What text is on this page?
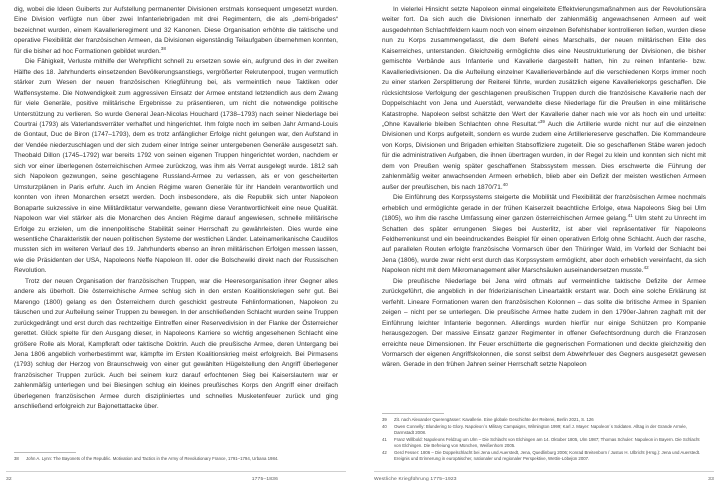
dig, wobei die Ideen Guiberts zur Aufstellung permanenter Divisionen erstmals konsequent umgesetzt wurden. Eine Division verfügte nun über zwei Infanteriebrigaden mit drei Regimentern, die als „demi-brigades“ bezeichnet wurden, einem Kavallerieregiment und 32 Kanonen. Diese Organisation erhöhte die taktische und operative Flexibilität der französischen Armeen, da Divisionen eigenständig Teilaufgaben übernehmen konnten, für die bisher ad hoc Formationen gebildet wurden.$^{38}$

Die Fähigkeit, Verluste mithilfe der Wehrpflicht schnell zu ersetzen sowie ein, aufgrund des in der zweiten Hälfte des 18. Jahrhunderts einsetzenden Bevölkerungsanstiegs, vergrößerter Rekrutenpool, trugen vermutlich stärker zum Wesen der neuen französischen Kriegführung bei, als vermeintlich neue Taktiken oder Waffensysteme. Die Notwendigkeit zum aggressiven Einsatz der Armee entstand letztendlich aus dem Zwang für viele Generäle, positive militärische Ergebnisse zu präsentieren, um nicht die notwendige politische Unterstützung zu verlieren. So wurde General Jean-Nicolas Houchard (1738–1793) nach seiner Niederlage bei Courtrai (1793) als Vaterlandsverräter verhaftet und hingerichtet. Ihm folgte noch im selben Jahr Armand-Louis de Gontaut, Duc de Biron (1747–1793), dem es trotz anfänglicher Erfolge nicht gelungen war, den Aufstand in der Vendée niederzuschlagen und der sich zudem einer Intrige seiner untergebenen Generäle ausgesetzt sah. Theobald Dillon (1745–1792) war bereits 1792 von seinen eigenen Truppen hingerichtet worden, nachdem er sich vor einer überlegenen österreichischen Armee zurückzog, was ihm als Verrat ausgelegt wurde. 1812 sah sich Napoleon gezwungen, seine geschlagene Russland-Armee zu verlassen, als er von gescheiterten Umsturzplänen in Paris erfuhr. Auch im Ancien Régime waren Generäle für ihr Handeln verantwortlich und konnten von ihren Monarchen ersetzt werden. Doch insbesondere, als die Republik sich unter Napoleon Bonaparte sukzessive in eine Militärdiktatur verwandelte, gewann diese Verantwortlichkeit eine neue Qualität. Napoleon war viel stärker als die Monarchen des Ancien Régime darauf angewiesen, schnelle militärische Erfolge zu erzielen, um die innenpolitische Stabilität seiner Herrschaft zu gewährleisten. Dies wurde eine wesentliche Charakteristik der neuen politischen Systeme der westlichen Länder. Lateinamerikanische Caudillos mussten sich im weiteren Verlauf des 19. Jahrhunderts ebenso an ihren militärischen Erfolgen messen lassen, wie die Präsidenten der USA, Napoleons Neffe Napoleon III. oder die Bolschewiki direkt nach der Russischen Revolution.

Trotz der neuen Organisation der französischen Truppen, war die Heeresorganisation ihrer Gegner alles andere als überholt. Die österreichische Armee schlug sich in den ersten Koalitionskriegen sehr gut. Bei Marengo (1800) gelang es den Österreichern durch geschickt gestreute Fehlinformationen, Napoleon zu täuschen und zur Aufteilung seiner Truppen zu bewegen. In der anschließenden Schlacht wurden seine Truppen zurückgedrängt und erst durch das rechtzeitige Eintreffen einer Reservedivision in der Flanke der Österreicher gerettet. Glück spielte für den Ausgang dieser, in Napoleons Karriere so wichtig angesehenen Schlacht eine größere Rolle als Moral, Kampfkraft oder taktische Doktrin. Auch die preußische Armee, deren Untergang bei Jena 1806 angeblich vorherbestimmt war, kämpfte im Ersten Koalitionskrieg meist erfolgreich. Bei Pirmasens (1793) schlug der Herzog von Braunschweig von einer gut gewählten Hügelstellung den Angriff überlegener französischer Truppen zurück. Auch bei seinem kurz darauf erfochtenen Sieg bei Kaiserslautern war er zahlenmäßig unterlegen und bei Biesingen schlug ein kleines preußisches Korps den Angriff einer dreifach überlegenen französischen Armee durch diszipliniertes und schnelles Musketenfeuer zurück und ging anschließend erfolgreich zur Bajonettattacke über.

38	John A. Lynn: The Bayonets of the Republic. Motivation and Tactics in the Army of Revolutionary France, 1791–1794, Urbana 1984.
32	1775–1836

In vielerlei Hinsicht setzte Napoleon einmal eingeleitete Effektvierungsmaßnahmen aus der Revolutionsära weiter fort. Da sich auch die Divisionen innerhalb der zahlenmäßig angewachsenen Armeen auf weit ausgedehnten Schlachtfeldern kaum noch von einem einzelnen Befehlshaber kontrollieren ließen, wurden diese nun zu Korps zusammengefasst, die dem Befehl eines Marschalls, der neuen militärischen Elite des Kaiserreiches, unterstanden. Gleichzeitig ermöglichte dies eine Neustrukturierung der Divisionen, die bisher gemischte Verbände aus Infanterie und Kavallerie dargestellt hatten, hin zu reinen Infanterie- bzw. Kavalleriedivisionen. Da die Aufteilung einzelner Kavallerieverbände auf die verschiedenen Korps immer noch zu einer starken Zersplitterung der Reiterei führte, wurden zusätzlich eigene Kavalleriekorps geschaffen. Die rücksichtslose Verfolgung der geschlagenen preußischen Truppen durch die französische Kavallerie nach der Doppelschlacht von Jena und Auerstädt, verwandelte diese Niederlage für die Preußen in eine militärische Katastrophe. Napoleon selbst schätzte den Wert der Kavallerie daher nach wie vor als hoch ein und urteilte: „Ohne Kavallerie bleiben Schlachten ohne Resultat.“$^{39}$ Auch die Artillerie wurde nicht nur auf die einzelnen Divisionen und Korps aufgeteilt, sondern es wurde zudem eine Artilleriereserve geschaffen. Die Kommandeure von Korps, Divisionen und Brigaden erhielten Stabsoffiziere zugeteilt. Die so geschaffenen Stäbe waren jedoch für die administrativen Aufgaben, die ihnen übertragen wurden, in der Regel zu klein und konnten sich nicht mit dem von Preußen wenig später geschaffenen Stabssystem messen. Dies erschwerte die Führung der zahlenmäßig weiter anwachsenden Armeen erheblich, blieb aber ein Defizit der meisten westlichen Armeen außer der preußischen, bis nach 1870/71.40

Die Einführung des Korpssystems steigerte die Mobilität und Flexibilität der französischen Armee nochmals erheblich und ermöglichte gerade in der frühen Kaiserzeit beachtliche Erfolge, etwa Napoleons Sieg bei Ulm (1805), wo ihm die rasche Umfassung einer ganzen österreichischen Armee gelang.$^{41}$ Ulm steht zu Unrecht im Schatten des später errungenen Sieges bei Austerlitz, ist aber viel repräsentativer für Napoleons Feldherrenkunst und ein beeindruckendes Beispiel für einen operativen Erfolg ohne Schlacht. Auch der rasche, auf parallelen Routen erfolgte französische Vormarsch über den Thüringer Wald, im Vorfeld der Schlacht bei Jena (1806), wurde zwar nicht erst durch das Korpssystem ermöglicht, aber doch erheblich vereinfacht, da sich Napoleon nicht mit dem Mikromanagement aller Marschsäulen auseinandersetzen musste.$^{42}$

Die preußische Niederlage bei Jena wird oftmals auf vermeintliche taktische Defizite der Armee zurückgeführt, die angeblich in der friderizianischen Lineartaktik erstarrt war. Doch eine solche Erklärung ist verfehlt. Lineare Formationen waren den französischen Kolonnen – das sollte die britische Armee in Spanien zeigen – nicht per se unterlegen. Die preußische Armee hatte zudem in den 1790er-Jahren zaghaft mit der Einführung leichter Infanterie begonnen. Allerdings wurden hierfür nur einige Schützen pro Kompanie herausgezogen. Der massive Einsatz ganzer Regimenter in offener Gefechtsordnung durch die Franzosen erreichte neue Dimensionen. Ihr Feuer erschütterte die gegnerischen Formationen und deckte gleichzeitig den Vormarsch der eigenen Angriffskolonnen, die sonst selbst dem Abwehrfeuer des Gegners ausgesetzt gewesen wären. Gerade in den frühen Jahren seiner Herrschaft setzte Napoleon

39	Zit. nach Alexander Querengässer: Kavallerie. Eine globale Geschichte der Reiterei, Berlin 2021, S. 126
40	Owen Connelly: Blundering to Glory. Napoleon´s Military Campaigns, Wilmington 1999; Karl J. Mayer: Napoleon´s Soldaten. Alltag in der Grande Armée, Darmstadt 2008.
41	Franz Willbold: Napoleons Feldzug um Ulm – Die Schlacht von Elchingen am 14. Oktober 1805, Ulm 1987; Thomas Schuler: Napoleon in Bayern. Die Schlacht von Elchingen. Die Befreiung von München, Weißenhorn 2005.
42	Gerd Fesser: 1806 – Die Doppelschlacht bei Jena und Auerstedt, Jena, Quedlinburg 2006; Konrad Breitenborn / Justus H. Ulbricht (Hrsg.): Jena und Auerstedt. Ereignis und Erinnerung in europäischer, nationaler und regionaler Perspektive, Wettin-Löbejün 2007.
Westliche Kriegführung 1775–1923	33
